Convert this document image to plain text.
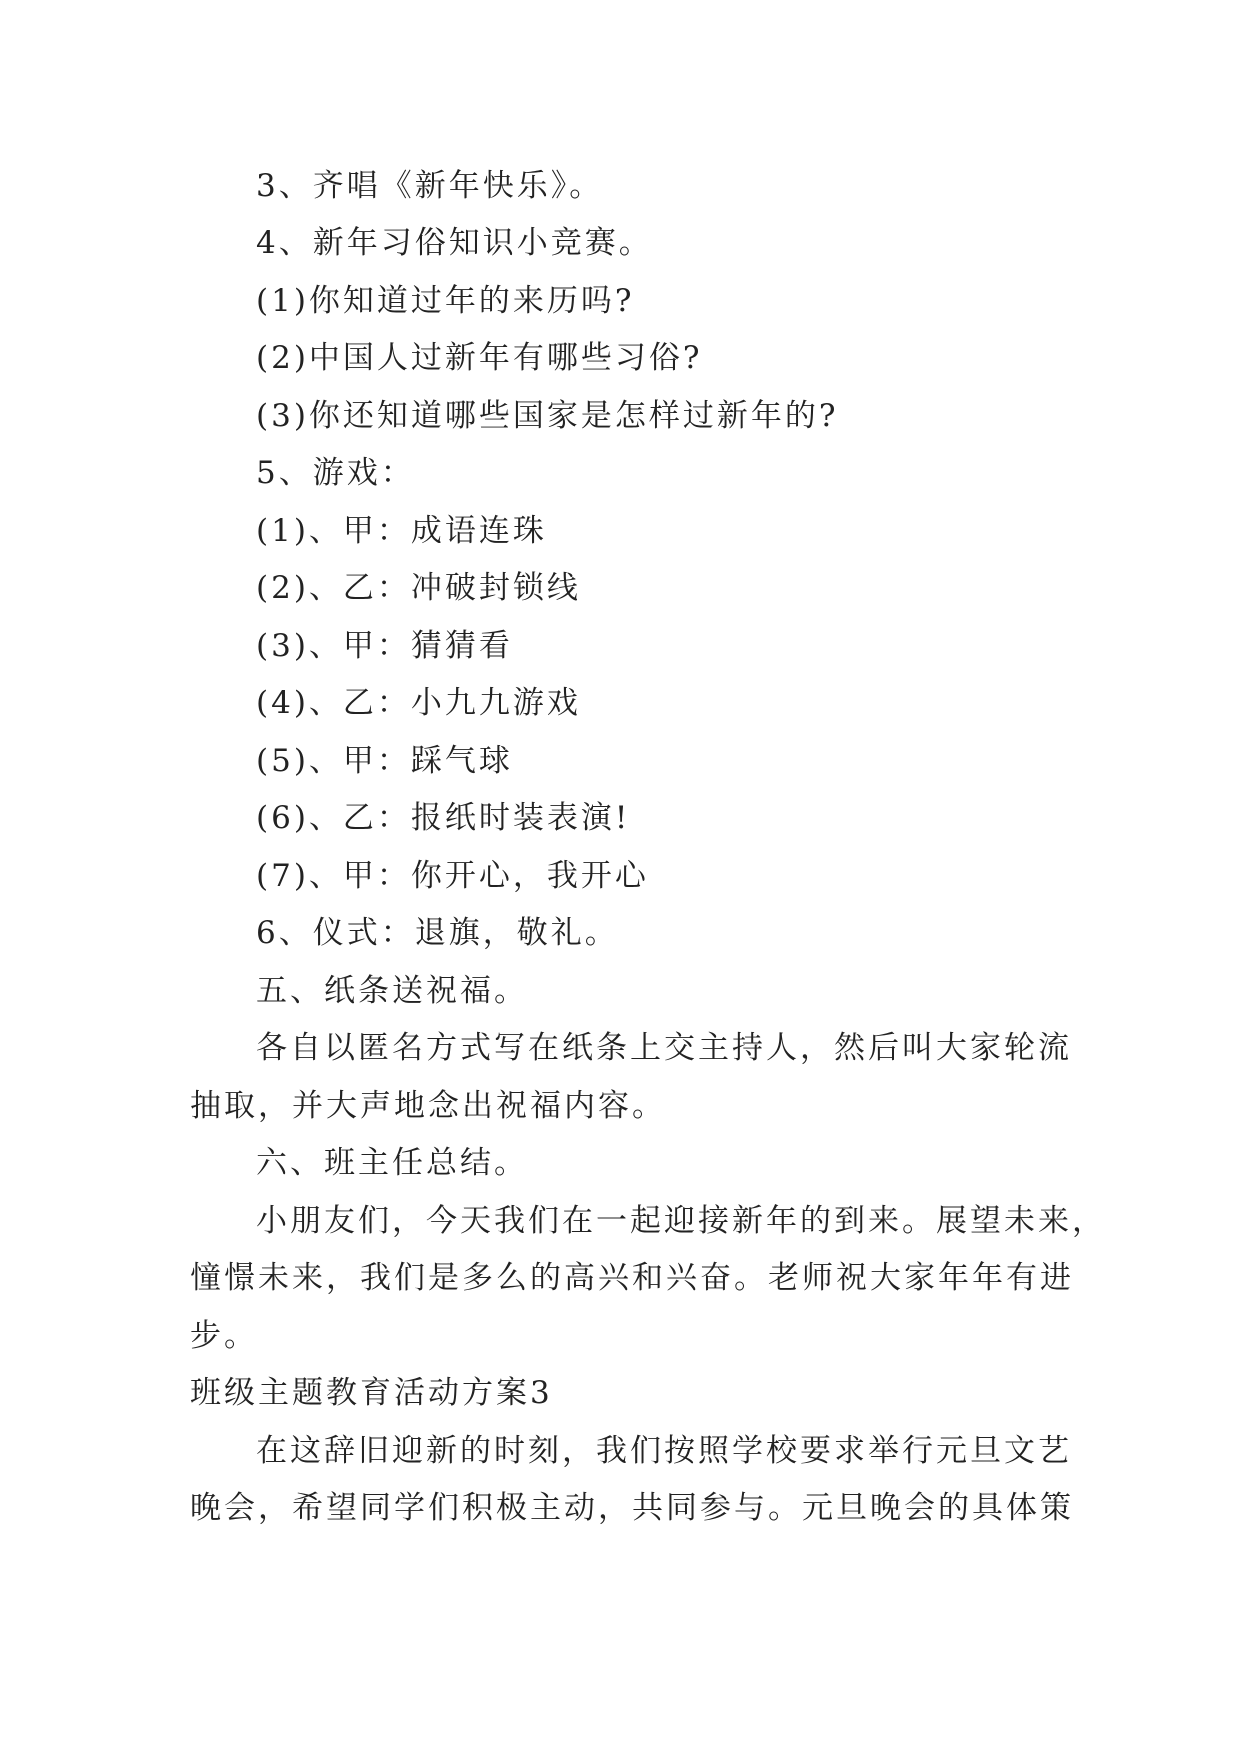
3、齐唱《新年快乐》。
4、新年习俗知识小竞赛。
(1)你知道过年的来历吗?
(2)中国人过新年有哪些习俗?
(3)你还知道哪些国家是怎样过新年的?
5、游戏：
(1)、甲：成语连珠
(2)、乙：冲破封锁线
(3)、甲：猜猜看
(4)、乙：小九九游戏
(5)、甲：踩气球
(6)、乙：报纸时装表演!
(7)、甲：你开心，我开心
6、仪式：退旗，敬礼。
五、纸条送祝福。
各自以匿名方式写在纸条上交主持人，然后叫大家轮流
抽取，并大声地念出祝福内容。
六、班主任总结。
小朋友们，今天我们在一起迎接新年的到来。展望未来，
憧憬未来，我们是多么的高兴和兴奋。老师祝大家年年有进
步。
班级主题教育活动方案3
在这辞旧迎新的时刻，我们按照学校要求举行元旦文艺
晚会，希望同学们积极主动，共同参与。元旦晚会的具体策
